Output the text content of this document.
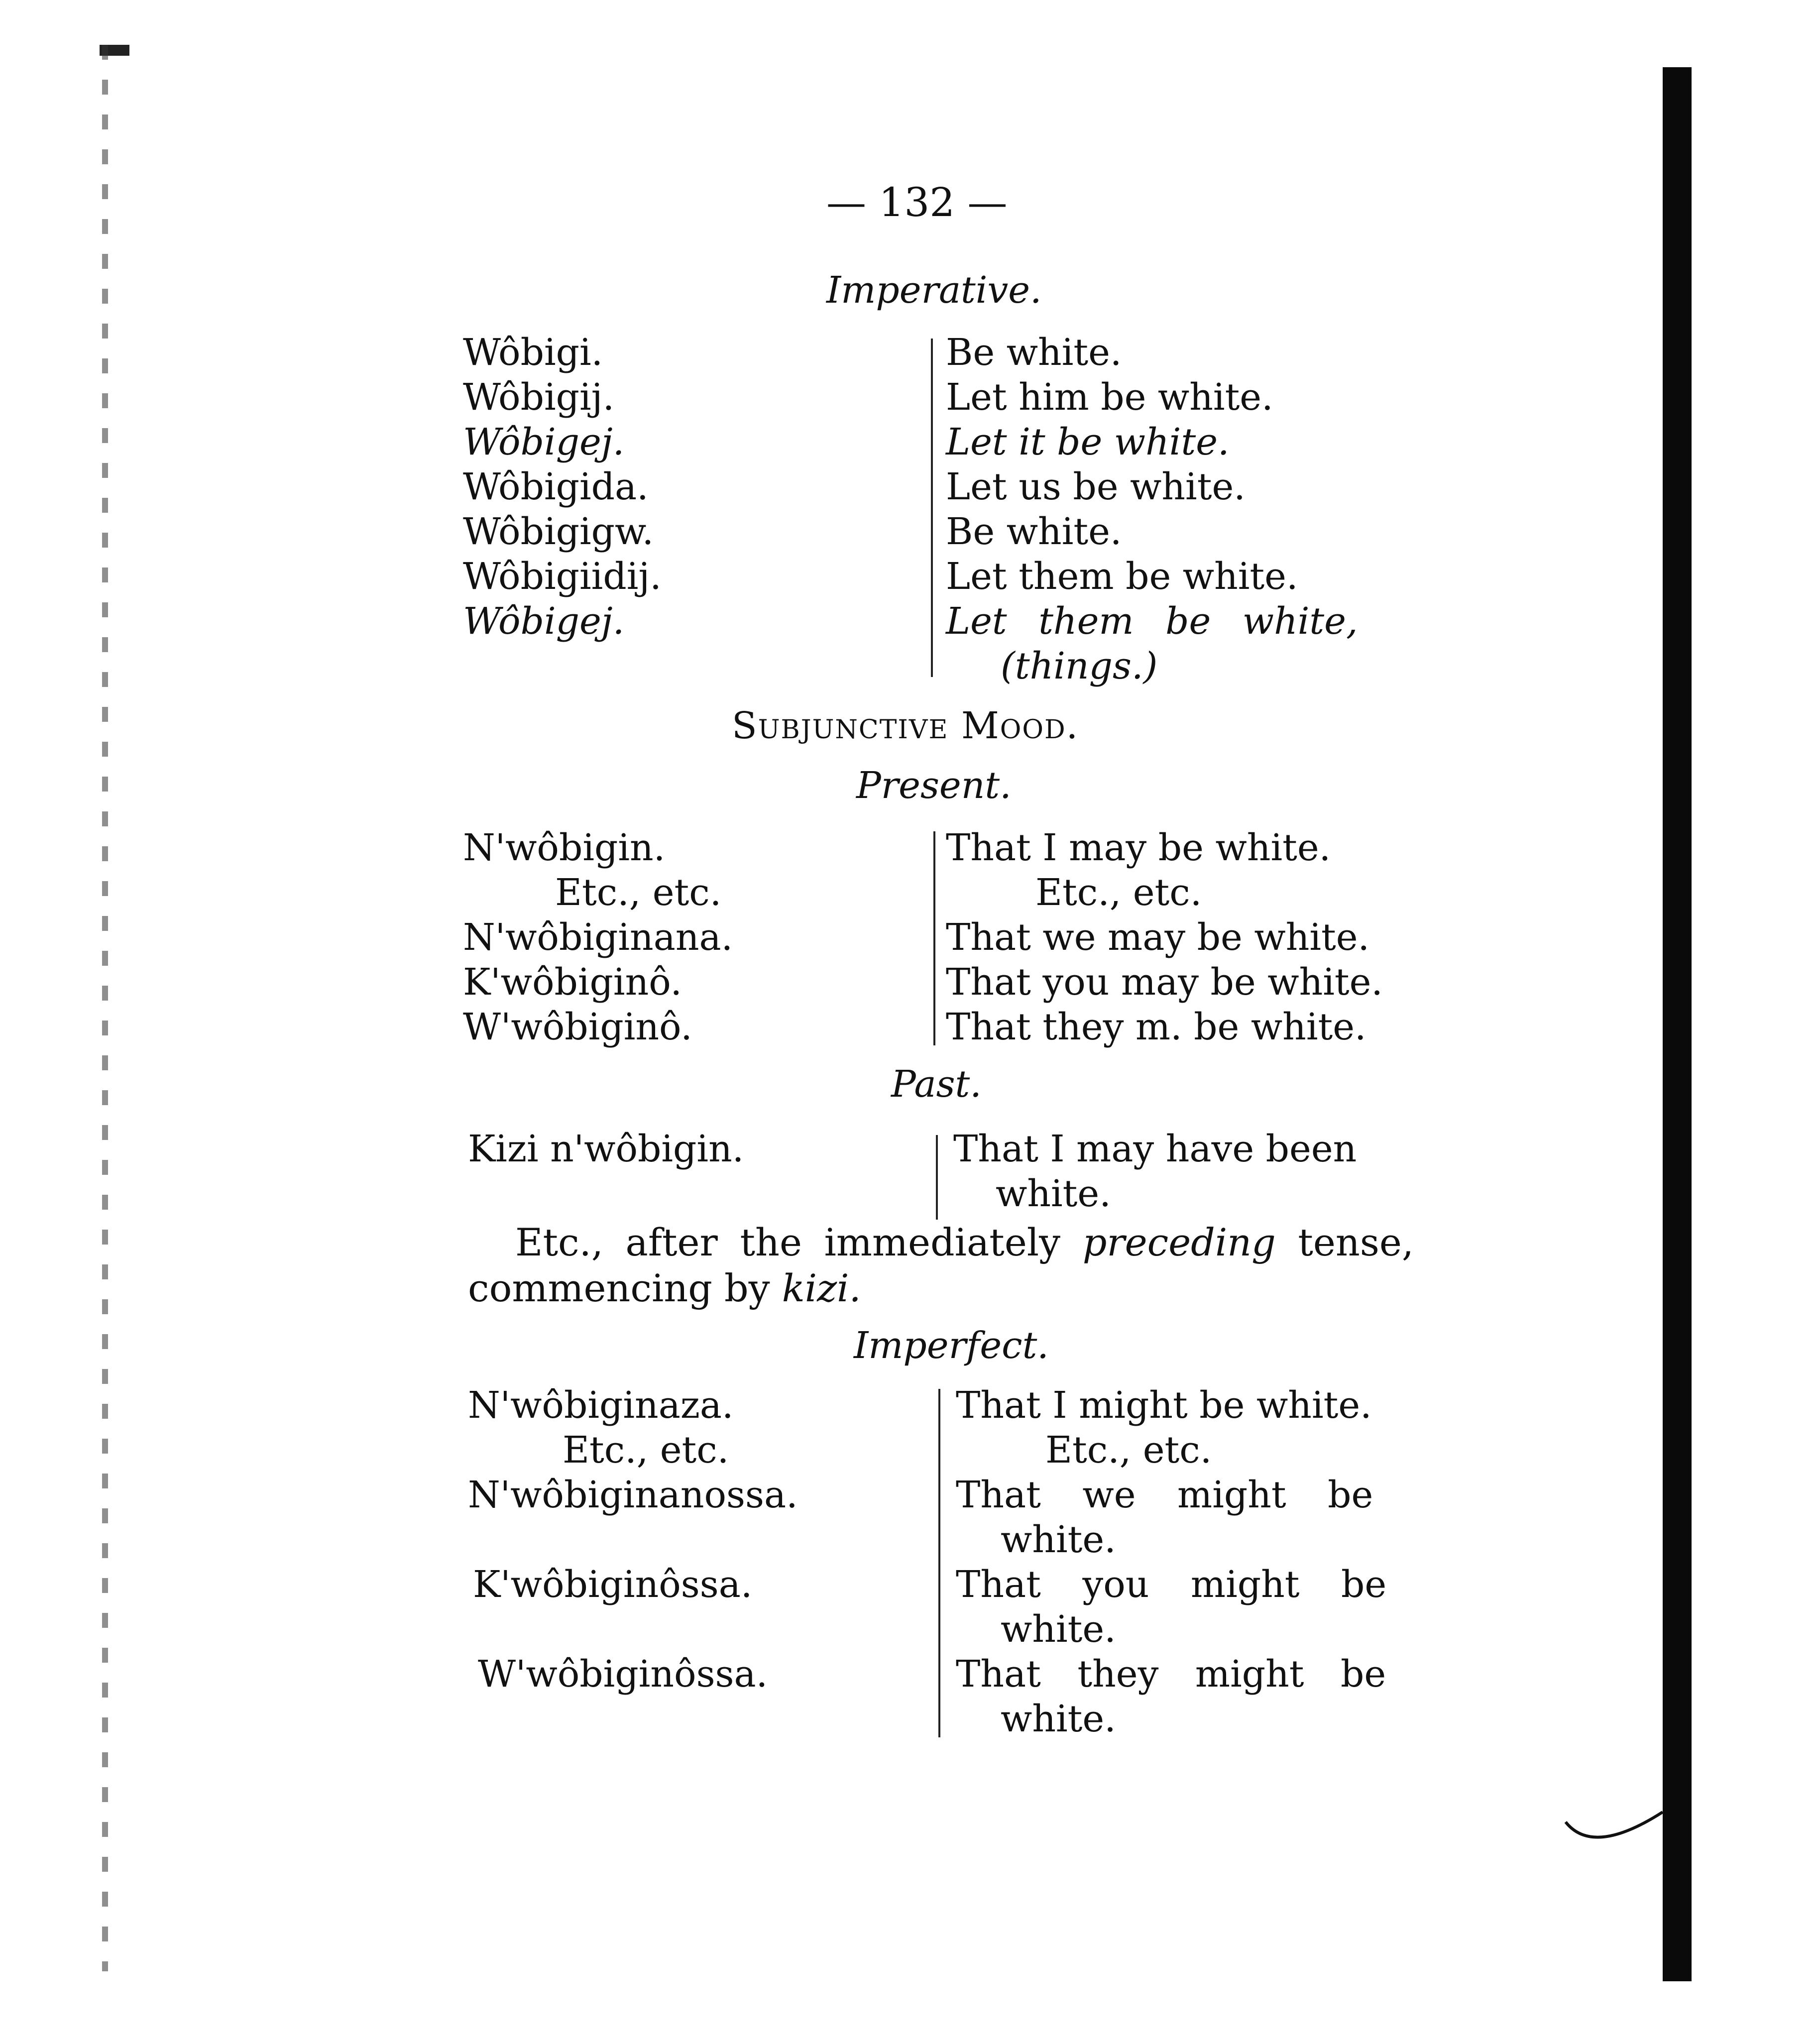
— 132 —
Imperative.
Wôbigi.	Be white.
Wôbigij.	Let him be white.
Wôbigej.	Let it be white.
Wôbigida.	Let us be white.
Wôbigigw.	Be white.
Wôbigiidij.	Let them be white.
Wôbigej.	Let them be white,
(things.)
Subjunctive Mood.
Present.
N'wôbigin.	That I may be white.
Etc., etc.	Etc., etc.
N'wôbiginana.	That we may be white.
K'wôbiginô.	That you may be white.
W'wôbiginô.	That they m. be white.
Past.
Kizi n'wôbigin.	That I may have been
white.
Etc., after the immediately preceding tense, commencing by kizi.
Imperfect.
N'wôbiginaza.	That I might be white.
Etc., etc.	Etc., etc.
N'wôbiginanossa.	That we might be
white.
K'wôbiginôssa.	That you might be
white.
W'wôbiginôssa.	That they might be
white.
